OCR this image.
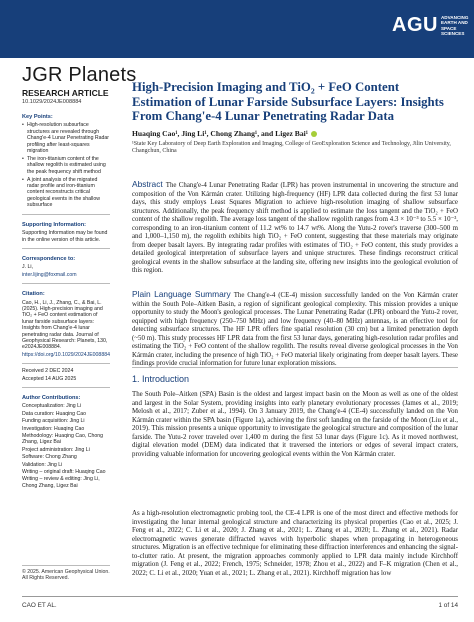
AGU ADVANCING
EARTH AND
SPACE SCIENCES
JGR Planets
RESEARCH ARTICLE
10.1029/2024JE008884
Key Points:
• High-resolution subsurface structures are revealed through Chang'e-4 Lunar Penetrating Radar profiling after least-squares migration
• The iron-titanium content of the shallow regolith is estimated using the peak frequency shift method
• A joint analysis of the migrated radar profile and iron-titanium content reconstructs critical geological events in the shallow subsurface
Supporting Information:

Supporting Information may be found in the online version of this article.

Correspondence to:

J. Li,

inter.lijing@foxmail.com

Citation:

Cao, H., Li, J., Zhang, C., & Bai, L. (2025). High-precision imaging and TiO₂ + FeO content estimation of lunar farside subsurface layers: Insights from Chang'e-4 lunar penetrating radar data. Journal of Geophysical Research: Planets, 130, e2024JE008884.

https://doi.org/10.1029/2024JE008884

Received 2 DEC 2024

Accepted 14 AUG 2025

Author Contributions:

Conceptualization: Jing Li

Data curation: Huaqing Cao

Funding acquisition: Jing Li

Investigation: Huaqing Cao

Methodology: Huaqing Cao, Chong Zhang, Ligez Bai

Project administration: Jing Li

Software: Chong Zhang

Validation: Jing Li

Writing – original draft: Huaqing Cao

Writing – review & editing: Jing Li, Chong Zhang, Ligez Bai

© 2025. American Geophysical Union. All Rights Reserved.
High-Precision Imaging and TiO₂ + FeO Content Estimation of Lunar Farside Subsurface Layers: Insights From Chang'e-4 Lunar Penetrating Radar Data
Huaqing Cao¹, Jing Li¹, Chong Zhang¹, and Ligez Bai¹
¹State Key Laboratory of Deep Earth Exploration and Imaging, College of GeoExploration Science and Technology, Jilin University, Changchun, China
Abstract The Chang'e-4 Lunar Penetrating Radar (LPR) has proven instrumental in uncovering the structure and composition of the Von Kármán crater. Utilizing high-frequency (HF) LPR data collected during the first 53 lunar days, this study employs Least Squares Migration to achieve high-resolution imaging of shallow subsurface structures. Additionally, the peak frequency shift method is applied to estimate the loss tangent and the TiO₂ + FeO content of the shallow regolith. The average loss tangent of the shallow regolith ranges from 4.3 × 10⁻³ to 5.5 × 10⁻³, corresponding to an iron-titanium content of 11.2 wt% to 14.7 wt%. Along the Yutu-2 rover's traverse (300–500 m and 1,000–1,150 m), the regolith exhibits high TiO₂ + FeO content, suggesting that these materials may originate from deeper basalt layers. By integrating radar profiles with estimates of TiO₂ + FeO content, this study provides a detailed geological interpretation of subsurface layers and unique structures. These findings reconstruct critical geological events in the shallow subsurface at the landing site, offering new insights into the geological evolution of this region.
Plain Language Summary The Chang'e-4 (CE-4) mission successfully landed on the Von Kármán crater within the South Pole–Aitken Basin, a region of significant geological complexity. This mission provides a unique opportunity to study the Moon's geological processes. The Lunar Penetrating Radar (LPR) onboard the Yutu-2 rover, equipped with high frequency (250–750 MHz) and low frequency (40–80 MHz) antennas, is an effective tool for detecting subsurface structures. The HF LPR offers fine spatial resolution (30 cm) but a limited penetration depth (~50 m). This study processes HF LPR data from the first 53 lunar days, generating high-resolution radar profiles and estimating the TiO₂ + FeO content of the shallow regolith. The results reveal diverse geological processes in the Von Kármán crater, including the presence of high TiO₂ + FeO material likely originating from deeper basalt layers. These findings provide crucial information for future lunar exploration missions.
1. Introduction
The South Pole–Aitken (SPA) Basin is the oldest and largest impact basin on the Moon as well as one of the oldest and largest in the Solar System, providing insights into early planetary evolutionary processes (James et al., 2019; Melosh et al., 2017; Zuber et al., 1994). On 3 January 2019, the Chang'e-4 (CE-4) successfully landed on the Von Kármán crater within the SPA basin (Figure 1a), achieving the first soft landing on the farside of the Moon (Liu et al., 2019). This mission presents a unique opportunity to investigate the geological structure and composition of the lunar farside. The Yutu-2 rover traveled over 1,400 m during the first 53 lunar days (Figure 1c). As it moved northwest, digital elevation model (DEM) data indicated that it traversed the interiors or edges of several impact craters, providing valuable information for uncovering geological events within the Von Kármán crater.
As a high-resolution electromagnetic probing tool, the CE-4 LPR is one of the most direct and effective methods for investigating the lunar internal geological structure and characterizing its physical properties (Cao et al., 2025; J. Feng et al., 2022; C. Li et al., 2020; J. Zhang et al., 2021; L. Zhang et al., 2020; L. Zhang et al., 2021). Radar electromagnetic waves generate diffracted waves with hyperbolic shapes when propagating in heterogeneous structures. Migration is an effective technique for eliminating these diffraction interferences and enhancing the signal-to-clutter ratio. At present, the migration approaches commonly applied to LPR data mainly include Kirchhoff migration (J. Feng et al., 2022; French, 1975; Schneider, 1978; Zhou et al., 2022) and F–K migration (Chen et al., 2022; C. Li et al., 2020; Yuan et al., 2021; L. Zhang et al., 2021). Kirchhoff migration has low
CAO ET AL.	1 of 14
